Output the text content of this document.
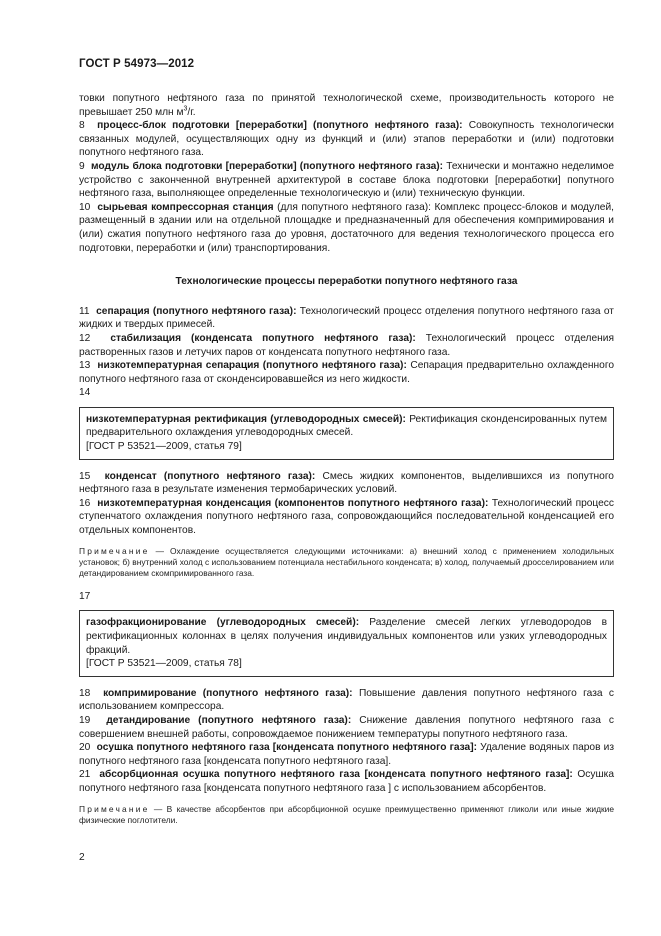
ГОСТ Р 54973—2012

товки попутного нефтяного газа по принятой технологической схеме, производительность которого не превышает 250 млн $м^3/г$.

8 процесс-блок подготовки [переработки] (попутного нефтяного газа): Совокупность технологически связанных модулей, осуществляющих одну из функций и (или) этапов переработки и (или) подготовки попутного нефтяного газа.

9 модуль блока подготовки [переработки] (попутного нефтяного газа): Технически и монтажно неделимое устройство с законченной внутренней архитектурой в составе блока подготовки [переработки] попутного нефтяного газа, выполняющее определенные технологическую и (или) техническую функции.

10 сырьевая компрессорная станция (для попутного нефтяного газа): Комплекс процесс-блоков и модулей, размещенный в здании или на отдельной площадке и предназначенный для обеспечения компримирования и (или) сжатия попутного нефтяного газа до уровня, достаточного для ведения технологического процесса его подготовки, переработки и (или) транспортирования.

Технологические процессы переработки попутного нефтяного газа

11 сепарация (попутного нефтяного газа): Технологический процесс отделения попутного нефтяного газа от жидких и твердых примесей.

12 стабилизация (конденсата попутного нефтяного газа): Технологический процесс отделения растворенных газов и летучих паров от конденсата попутного нефтяного газа.

13 низкотемпературная сепарация (попутного нефтяного газа): Сепарация предварительно охлажденного попутного нефтяного газа от сконденсировавшейся из него жидкости.

14

низкотемпературная ректификация (углеводородных смесей): Ректификация сконденсированных путем предварительного охлаждения углеводородных смесей.

[ГОСТ Р 53521—2009, статья 79]

15 конденсат (попутного нефтяного газа): Смесь жидких компонентов, выделившихся из попутного нефтяного газа в результате изменения термобарических условий.

16 низкотемпературная конденсация (компонентов попутного нефтяного газа): Технологический процесс ступенчатого охлаждения попутного нефтяного газа, сопровождающийся последовательной конденсацией его отдельных компонентов.

Примечание — Охлаждение осуществляется следующими источниками: а) внешний холод с применением холодильных установок; б) внутренний холод с использованием потенциала нестабильного конденсата; в) холод, получаемый дросселированием или детандированием скомпримированного газа.

17

газофракционирование (углеводородных смесей): Разделение смесей легких углеводородов в ректификационных колоннах в целях получения индивидуальных компонентов или узких углеводородных фракций.

[ГОСТ Р 53521—2009, статья 78]

18 компримирование (попутного нефтяного газа): Повышение давления попутного нефтяного газа с использованием компрессора.

19 детандирование (попутного нефтяного газа): Снижение давления попутного нефтяного газа с совершением внешней работы, сопровождаемое понижением температуры попутного нефтяного газа.

20 осушка попутного нефтяного газа [конденсата попутного нефтяного газа]: Удаление водяных паров из попутного нефтяного газа [конденсата попутного нефтяного газа].

21 абсорбционная осушка попутного нефтяного газа [конденсата попутного нефтяного газа]: Осушка попутного нефтяного газа [конденсата попутного нефтяного газа ] с использованием абсорбентов.

Примечание — В качестве абсорбентов при абсорбционной осушке преимущественно применяют гликоли или иные жидкие физические поглотители.

2
